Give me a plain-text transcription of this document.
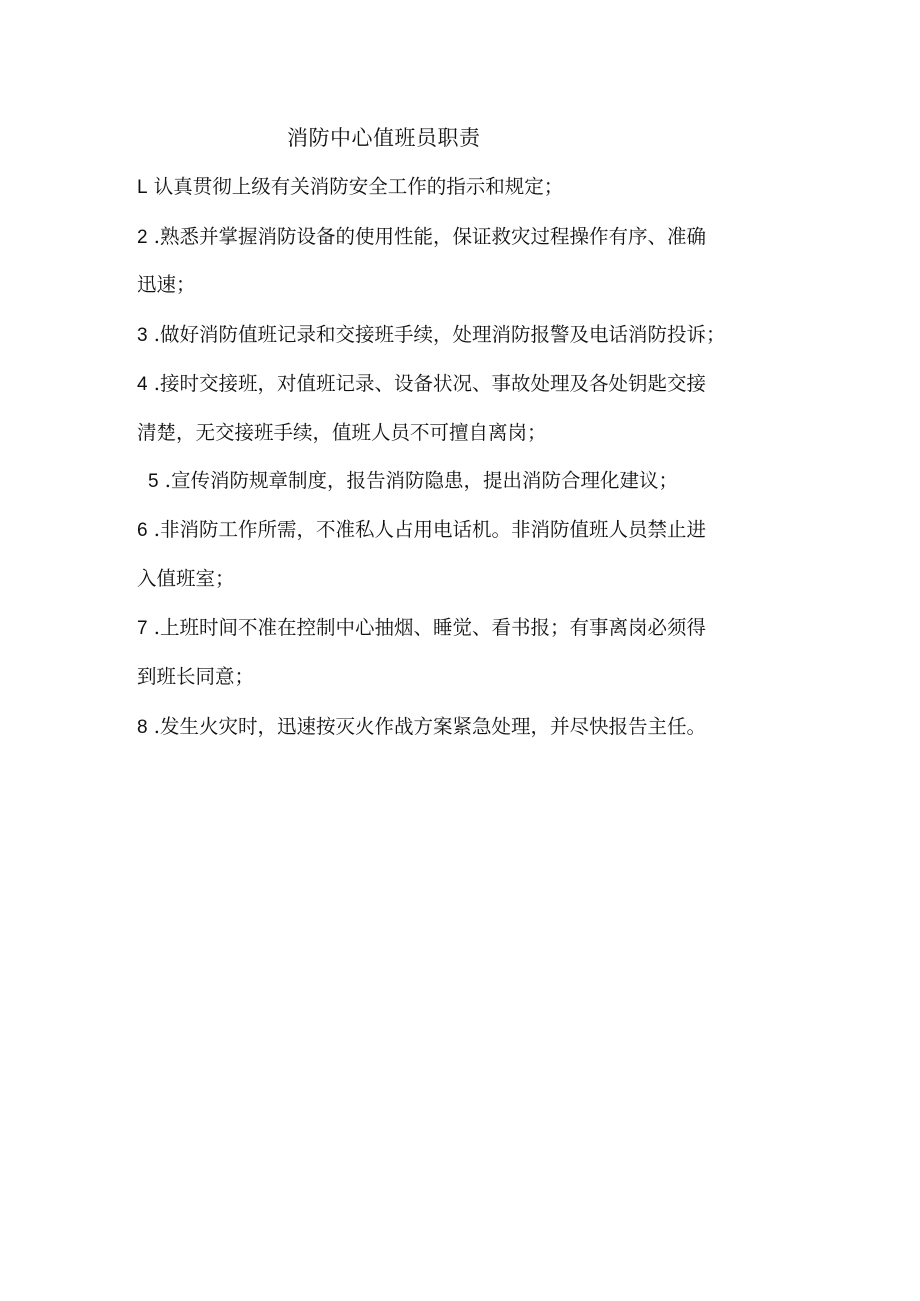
消防中心值班员职责
L 认真贯彻上级有关消防安全工作的指示和规定；
2 .熟悉并掌握消防设备的使用性能，保证救灾过程操作有序、准确
迅速；
3 .做好消防值班记录和交接班手续，处理消防报警及电话消防投诉；
4 .接时交接班，对值班记录、设备状况、事故处理及各处钥匙交接
清楚，无交接班手续，值班人员不可擅自离岗；
5 .宣传消防规章制度，报告消防隐患，提出消防合理化建议；
6 .非消防工作所需，不准私人占用电话机。非消防值班人员禁止进
入值班室；
7 .上班时间不准在控制中心抽烟、睡觉、看书报；有事离岗必须得
到班长同意；
8 .发生火灾时，迅速按灭火作战方案紧急处理，并尽快报告主任。
